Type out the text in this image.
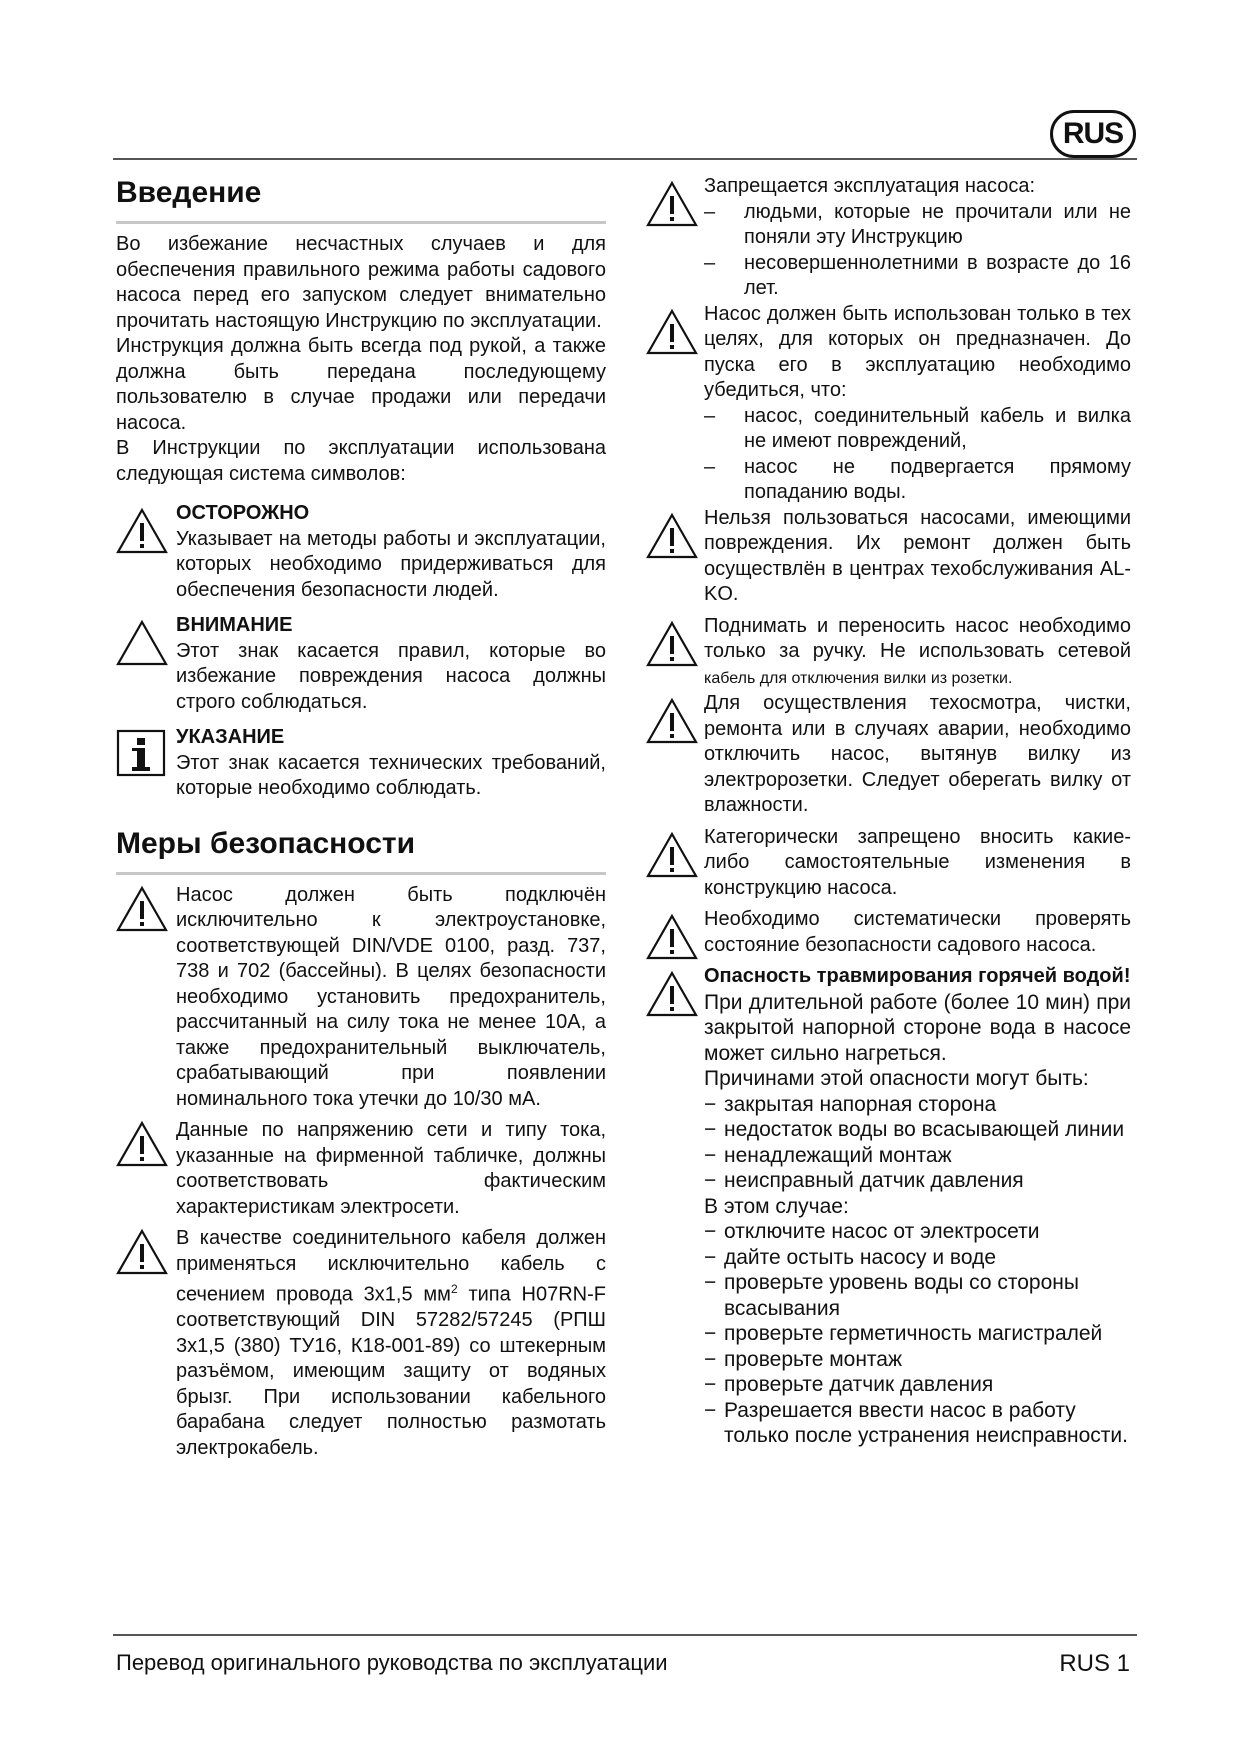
RUS
Введение
Во избежание несчастных случаев и для обеспечения правильного режима работы садового насоса перед его запуском следует внимательно прочитать настоящую Инструкцию по эксплуатации.
Инструкция должна быть всегда под рукой, а также должна быть передана последующему пользователю в случае продажи или передачи насоса.
В Инструкции по эксплуатации использована следующая система символов:
ОСТОРОЖНО
Указывает на методы работы и эксплуатации, которых необходимо придерживаться для обеспечения безопасности людей.
ВНИМАНИЕ
Этот знак касается правил, которые во избежание повреждения насоса должны строго соблюдаться.
УКАЗАНИЕ
Этот знак касается технических требований, которые необходимо соблюдать.
Меры безопасности
Насос должен быть подключён исключительно к электроустановке, соответствующей DIN/VDE 0100, разд. 737, 738 и 702 (бассейны). В целях безопасности необходимо установить предохранитель, рассчитанный на силу тока не менее 10А, а также предохранительный выключатель, срабатывающий при появлении номинального тока утечки до 10/30 мА.
Данные по напряжению сети и типу тока, указанные на фирменной табличке, должны соответствовать фактическим характеристикам электросети.
В качестве соединительного кабеля должен применяться исключительно кабель с сечением провода 3х1,5 $мм^2$ типа H07RN-F соответствующий DIN 57282/57245 (РПШ 3х1,5 (380) ТУ16, К18-001-89) со штекерным разъёмом, имеющим защиту от водяных брызг. При использовании кабельного барабана следует полностью размотать электрокабель.
Запрещается эксплуатация насоса:
–	людьми, которые не прочитали или не поняли эту Инструкцию
–	несовершеннолетними в возрасте до 16 лет.
Насос должен быть использован только в тех целях, для которых он предназначен. До пуска его в эксплуатацию необходимо убедиться, что:
–	насос, соединительный кабель и вилка не имеют повреждений,
–	насос не подвергается прямому попаданию воды.
Нельзя пользоваться насосами, имеющими повреждения. Их ремонт должен быть осуществлён в центрах техобслуживания AL-KO.
Поднимать и переносить насос необходимо только за ручку. Не использовать сетевой кабель для отключения вилки из розетки.
Для осуществления техосмотра, чистки, ремонта или в случаях аварии, необходимо отключить насос, вытянув вилку из электророзетки. Следует оберегать вилку от влажности.
Категорически запрещено вносить какие-либо самостоятельные изменения в конструкцию насоса.
Необходимо систематически проверять состояние безопасности садового насоса.
Опасность травмирования горячей водой!
При длительной работе (более 10 мин) при закрытой напорной стороне вода в насосе может сильно нагреться.
Причинами этой опасности могут быть:
− закрытая напорная сторона
− недостаток воды во всасывающей линии
− ненадлежащий монтаж
− неисправный датчик давления
В этом случае:
− отключите насос от электросети
− дайте остыть насосу и воде
− проверьте уровень воды со стороны всасывания
− проверьте герметичность магистралей
− проверьте монтаж
− проверьте датчик давления
− Разрешается ввести насос в работу только после устранения неисправности.
Перевод оригинального руководства по эксплуатации	RUS 1
